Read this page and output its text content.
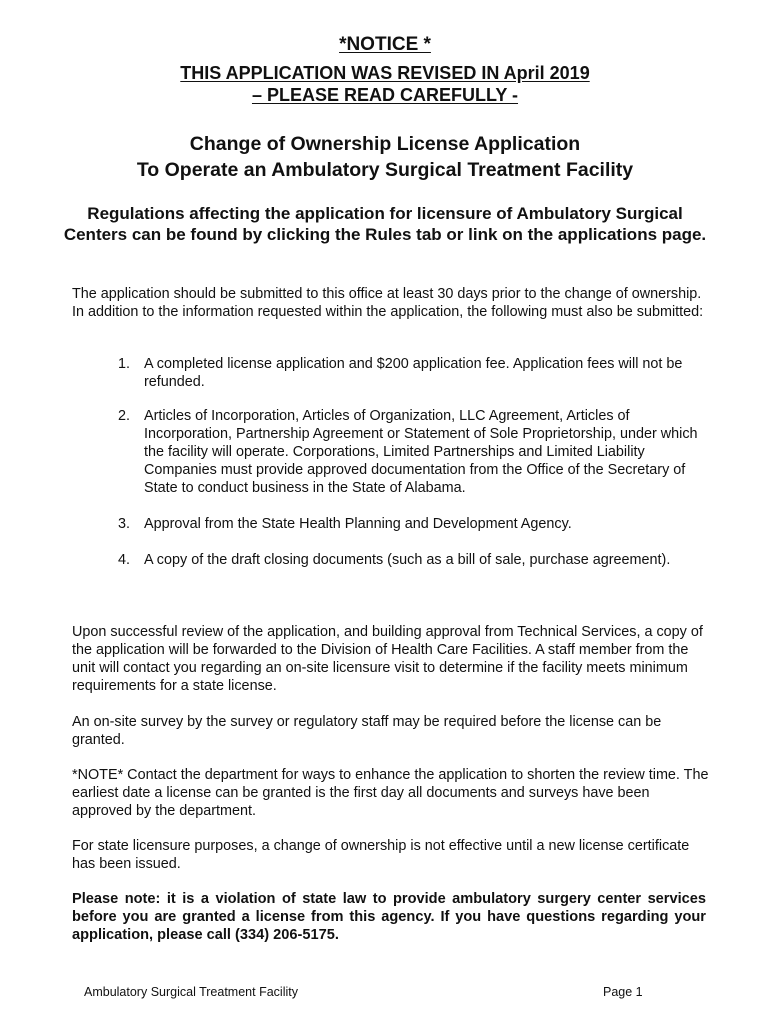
*NOTICE *
THIS APPLICATION WAS REVISED IN April 2019
– PLEASE READ CAREFULLY -
Change of Ownership License Application
To Operate an Ambulatory Surgical Treatment Facility
Regulations affecting the application for licensure of Ambulatory Surgical Centers can be found by clicking the Rules tab or link on the applications page.

The application should be submitted to this office at least 30 days prior to the change of ownership. In addition to the information requested within the application, the following must also be submitted:

1. A completed license application and $200 application fee. Application fees will not be refunded.
2. Articles of Incorporation, Articles of Organization, LLC Agreement, Articles of Incorporation, Partnership Agreement or Statement of Sole Proprietorship, under which the facility will operate. Corporations, Limited Partnerships and Limited Liability Companies must provide approved documentation from the Office of the Secretary of State to conduct business in the State of Alabama.
3. Approval from the State Health Planning and Development Agency.
4. A copy of the draft closing documents (such as a bill of sale, purchase agreement).

Upon successful review of the application, and building approval from Technical Services, a copy of the application will be forwarded to the Division of Health Care Facilities. A staff member from the unit will contact you regarding an on-site licensure visit to determine if the facility meets minimum requirements for a state license.

An on-site survey by the survey or regulatory staff may be required before the license can be granted.

*NOTE* Contact the department for ways to enhance the application to shorten the review time. The earliest date a license can be granted is the first day all documents and surveys have been approved by the department.

For state licensure purposes, a change of ownership is not effective until a new license certificate has been issued.

Please note: it is a violation of state law to provide ambulatory surgery center services before you are granted a license from this agency. If you have questions regarding your application, please call (334) 206-5175.

Ambulatory Surgical Treatment Facility	Page 1
